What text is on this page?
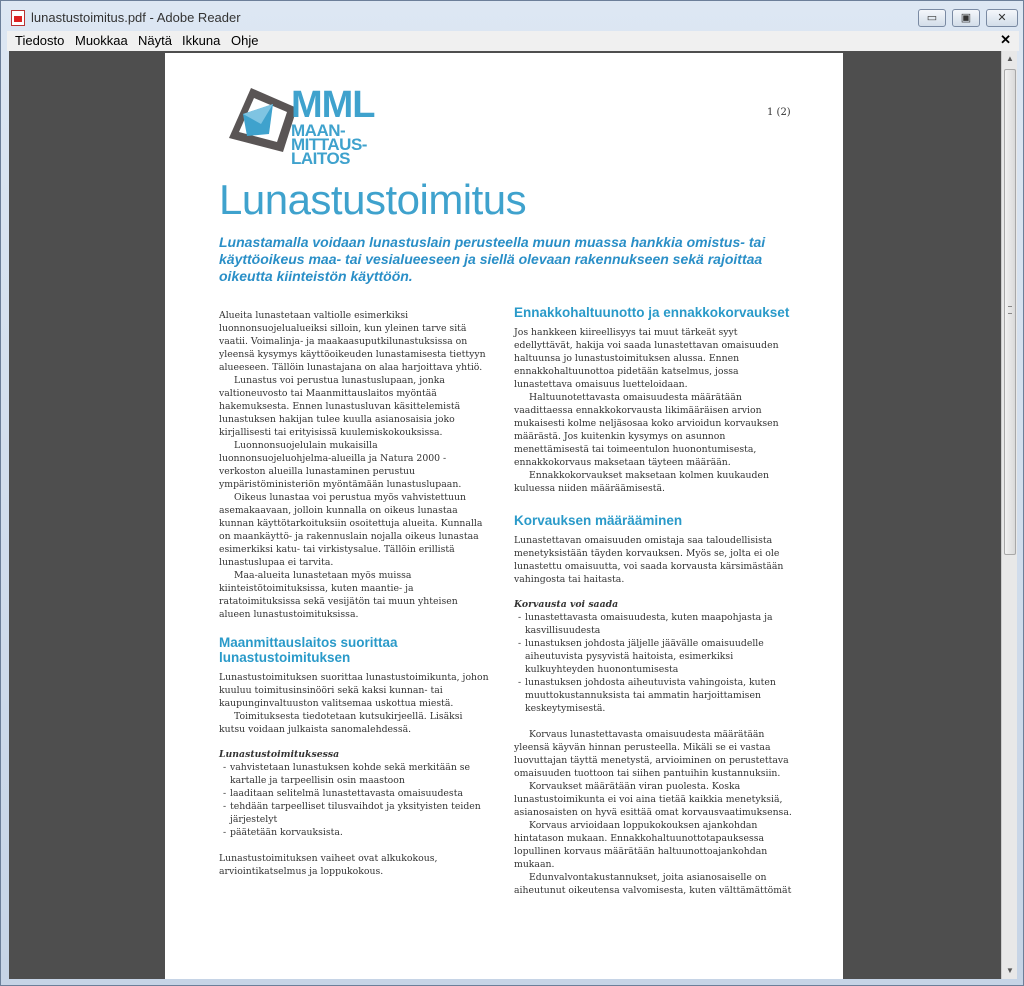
lunastustoimitus.pdf - Adobe Reader	▭	▣	✕
Tiedosto Muokkaa Näytä Ikkuna Ohje	✕
MML
MAAN-
MITTAUS-
LAITOS
1 (2)
Lunastustoimitus

Lunastamalla voidaan lunastuslain perusteella muun muassa hankkia omistus- tai käyttöoikeus maa- tai vesialueeseen ja siellä olevaan rakennukseen sekä rajoittaa oikeutta kiinteistön käyttöön.

Alueita lunastetaan valtiolle esimerkiksi luonnonsuojelualueiksi silloin, kun yleinen tarve sitä vaatii. Voimalinja- ja maakaasuputkilunastuksissa on yleensä kysymys käyttöoikeuden lunastamisesta tiettyyn alueeseen. Tällöin lunastajana on alaa harjoittava yhtiö.

Lunastus voi perustua lunastuslupaan, jonka valtioneuvosto tai Maanmittauslaitos myöntää hakemuksesta. Ennen lunastusluvan käsittelemistä lunastuksen hakijan tulee kuulla asianosaisia joko kirjallisesti tai erityisissä kuulemiskokouksissa.

Luonnonsuojelulain mukaisilla luonnonsuojeluohjelma-alueilla ja Natura 2000 -verkoston alueilla lunastaminen perustuu ympäristöministeriön myöntämään lunastuslupaan.

Oikeus lunastaa voi perustua myös vahvistettuun asemakaavaan, jolloin kunnalla on oikeus lunastaa kunnan käyttötarkoituksiin osoitettuja alueita. Kunnalla on maankäyttö- ja rakennuslain nojalla oikeus lunastaa esimerkiksi katu- tai virkistysalue. Tällöin erillistä lunastuslupaa ei tarvita.

Maa-alueita lunastetaan myös muissa kiinteistötoimituksissa, kuten maantie- ja ratatoimituksissa sekä vesijätön tai muun yhteisen alueen lunastustoimituksissa.

Maanmittauslaitos suorittaa lunastustoimituksen

Lunastustoimituksen suorittaa lunastustoimikunta, johon kuuluu toimitusinsinööri sekä kaksi kunnan- tai kaupunginvaltuuston valitsemaa uskottua miestä.

Toimituksesta tiedotetaan kutsukirjeellä. Lisäksi kutsu voidaan julkaista sanomalehdessä.

Lunastustoimituksessa
- vahvistetaan lunastuksen kohde sekä merkitään se kartalle ja tarpeellisin osin maastoon
- laaditaan selitelmä lunastettavasta omaisuudesta
- tehdään tarpeelliset tilusvaihdot ja yksityisten teiden järjestelyt
- päätetään korvauksista.

Lunastustoimituksen vaiheet ovat alkukokous, arviointikatselmus ja loppukokous.

Ennakkohaltuunotto ja ennakkokorvaukset

Jos hankkeen kiireellisyys tai muut tärkeät syyt edellyttävät, hakija voi saada lunastettavan omaisuuden haltuunsa jo lunastustoimituksen alussa. Ennen ennakkohaltuunottoa pidetään katselmus, jossa lunastettava omaisuus luetteloidaan.

Haltuunotettavasta omaisuudesta määrätään vaadittaessa ennakkokorvausta likimääräisen arvion mukaisesti kolme neljäsosaa koko arvioidun korvauksen määrästä. Jos kuitenkin kysymys on asunnon menettämisestä tai toimeentulon huonontumisesta, ennakkokorvaus maksetaan täyteen määrään.

Ennakkokorvaukset maksetaan kolmen kuukauden kuluessa niiden määräämisestä.

Korvauksen määrääminen

Lunastettavan omaisuuden omistaja saa taloudellisista menetyksistään täyden korvauksen. Myös se, jolta ei ole lunastettu omaisuutta, voi saada korvausta kärsimästään vahingosta tai haitasta.

Korvausta voi saada
- lunastettavasta omaisuudesta, kuten maapohjasta ja kasvillisuudesta
- lunastuksen johdosta jäljelle jäävälle omaisuudelle aiheutuvista pysyvistä haitoista, esimerkiksi kulkuyhteyden huonontumisesta
- lunastuksen johdosta aiheutuvista vahingoista, kuten muuttokustannuksista tai ammatin harjoittamisen keskeytymisestä.

Korvaus lunastettavasta omaisuudesta määrätään yleensä käyvän hinnan perusteella. Mikäli se ei vastaa luovuttajan täyttä menetystä, arvioiminen on perustettava omaisuuden tuottoon tai siihen pantuihin kustannuksiin.

Korvaukset määrätään viran puolesta. Koska lunastustoimikunta ei voi aina tietää kaikkia menetyksiä, asianosaisten on hyvä esittää omat korvausvaatimuksensa.

Korvaus arvioidaan loppukokouksen ajankohdan hintatason mukaan. Ennakkohaltuunottotapauksessa lopullinen korvaus määrätään haltuunottoajankohdan mukaan.

Edunvalvontakustannukset, joita asianosaiselle on aiheutunut oikeutensa valvomisesta, kuten välttämättömät

▲
▼
